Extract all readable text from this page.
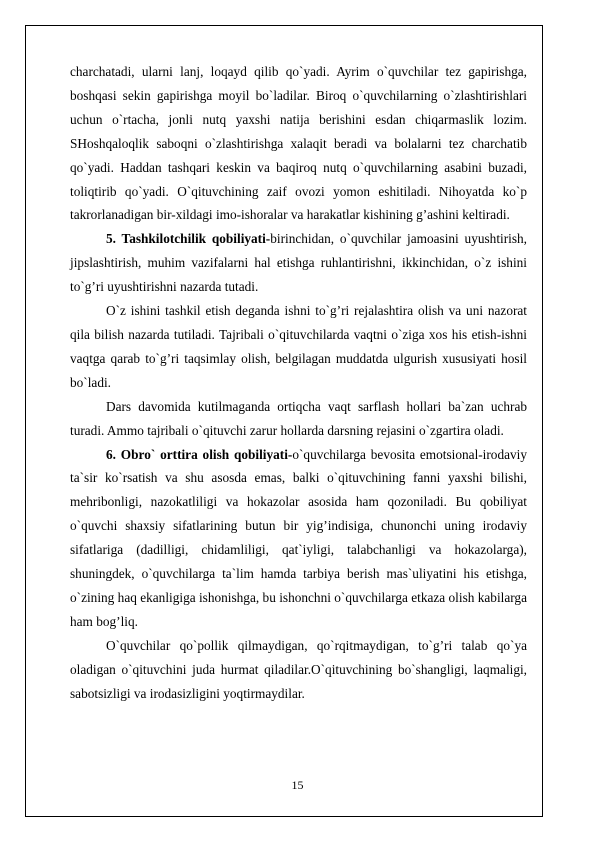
charchatadi, ularni lanj, loqayd qilib qo`yadi. Ayrim o`quvchilar tez gapirishga, boshqasi sekin gapirishga moyil bo`ladilar. Biroq o`quvchilarning o`zlashtirishlari uchun o`rtacha, jonli nutq yaxshi natija berishini esdan chiqarmaslik lozim. SHoshqaloqlik saboqni o`zlashtirishga xalaqit beradi va bolalarni tez charchatib qo`yadi. Haddan tashqari keskin va baqiroq nutq o`quvchilarning asabini buzadi, toliqtirib qo`yadi. O`qituvchining zaif ovozi yomon eshitiladi. Nihoyatda ko`p takrorlanadigan bir-xildagi imo-ishoralar va harakatlar kishining g’ashini keltiradi.

5. Tashkilotchilik qobiliyati-birinchidan, o`quvchilar jamoasini uyushtirish, jipslashtirish, muhim vazifalarni hal etishga ruhlantirishni, ikkinchidan, o`z ishini to`g’ri uyushtirishni nazarda tutadi.

O`z ishini tashkil etish deganda ishni to`g’ri rejalashtira olish va uni nazorat qila bilish nazarda tutiladi. Tajribali o`qituvchilarda vaqtni o`ziga xos his etish-ishni vaqtga qarab to`g’ri taqsimlay olish, belgilagan muddatda ulgurish xususiyati hosil bo`ladi.

Dars davomida kutilmaganda ortiqcha vaqt sarflash hollari ba`zan uchrab turadi. Ammo tajribali o`qituvchi zarur hollarda darsning rejasini o`zgartira oladi.

6. Obro` orttira olish qobiliyati-o`quvchilarga bevosita emotsional-irodaviy ta`sir ko`rsatish va shu asosda emas, balki o`qituvchining fanni yaxshi bilishi, mehribonligi, nazokatliligi va hokazolar asosida ham qozoniladi. Bu qobiliyat o`quvchi shaxsiy sifatlarining butun bir yig’indisiga, chunonchi uning irodaviy sifatlariga (dadilligi, chidamliligi, qat`iyligi, talabchanligi va hokazolarga), shuningdek, o`quvchilarga ta`lim hamda tarbiya berish mas`uliyatini his etishga, o`zining haq ekanligiga ishonishga, bu ishonchni o`quvchilarga etkaza olish kabilarga ham bog’liq.

O`quvchilar qo`pollik qilmaydigan, qo`rqitmaydigan, to`g’ri talab qo`ya oladigan o`qituvchini juda hurmat qiladilar.O`qituvchining bo`shangligi, laqmaligi, sabotsizligi va irodasizligini yoqtirmaydilar.

15
